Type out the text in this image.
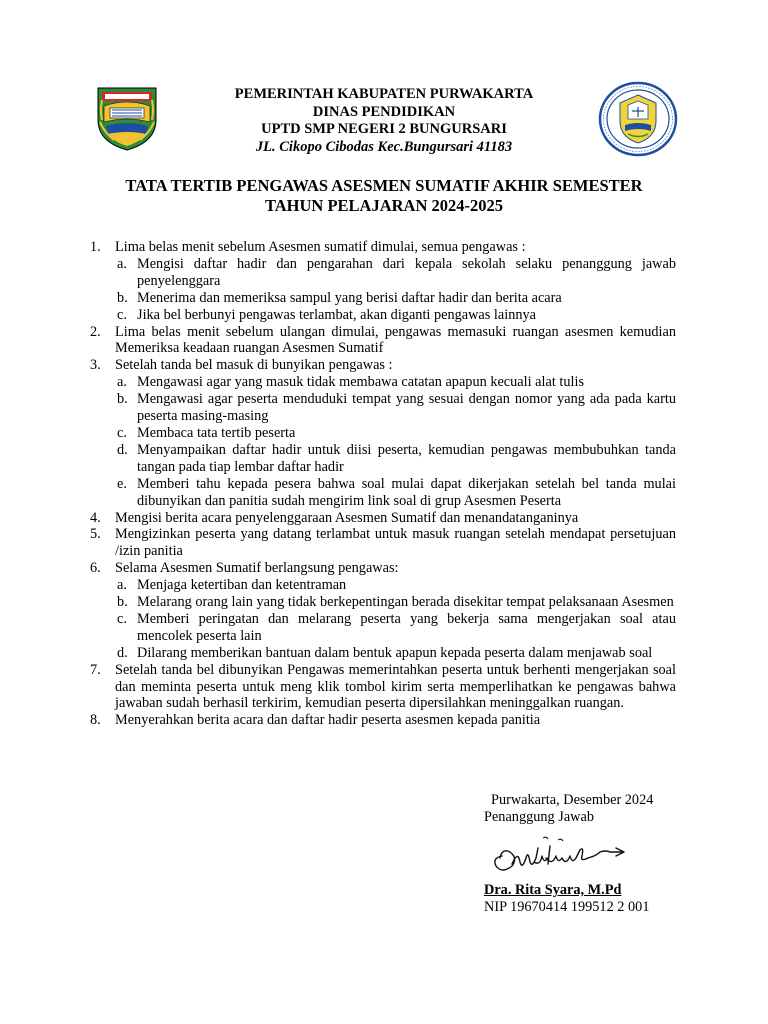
PEMERINTAH KABUPATEN PURWAKARTA
DINAS PENDIDIKAN
UPTD SMP NEGERI 2 BUNGURSARI
JL. Cikopo Cibodas Kec.Bungursari 41183
TATA TERTIB PENGAWAS ASESMEN SUMATIF AKHIR SEMESTER
TAHUN PELAJARAN 2024-2025
1. Lima belas menit sebelum Asesmen sumatif dimulai, semua pengawas :
a. Mengisi daftar hadir dan pengarahan dari kepala sekolah selaku penanggung jawab penyelenggara
b. Menerima dan memeriksa sampul yang berisi daftar hadir dan berita acara
c. Jika bel berbunyi pengawas terlambat, akan diganti pengawas lainnya
2. Lima belas menit sebelum ulangan dimulai, pengawas memasuki ruangan asesmen kemudian Memeriksa keadaan ruangan Asesmen Sumatif
3. Setelah tanda bel masuk di bunyikan pengawas :
a. Mengawasi agar yang masuk tidak membawa catatan apapun kecuali alat tulis
b. Mengawasi agar peserta menduduki tempat yang sesuai dengan nomor yang ada pada kartu peserta masing-masing
c. Membaca tata tertib peserta
d. Menyampaikan daftar hadir untuk diisi peserta, kemudian pengawas membubuhkan tanda tangan pada tiap lembar daftar hadir
e. Memberi tahu kepada pesera bahwa soal mulai dapat dikerjakan setelah bel tanda mulai dibunyikan dan panitia sudah mengirim link soal di grup Asesmen Peserta
4. Mengisi berita acara penyelenggaraan Asesmen Sumatif dan menandatanganinya
5. Mengizinkan peserta yang datang terlambat untuk masuk ruangan setelah mendapat persetujuan /izin panitia
6. Selama Asesmen Sumatif berlangsung pengawas:
a. Menjaga ketertiban dan ketentraman
b. Melarang orang lain yang tidak berkepentingan berada disekitar tempat pelaksanaan Asesmen
c. Memberi peringatan dan melarang peserta yang bekerja sama mengerjakan soal atau mencolek peserta lain
d. Dilarang memberikan bantuan dalam bentuk apapun kepada peserta dalam menjawab soal
7. Setelah tanda bel dibunyikan Pengawas memerintahkan peserta untuk berhenti mengerjakan soal dan meminta peserta untuk meng klik tombol kirim serta memperlihatkan ke pengawas bahwa jawaban sudah berhasil terkirim, kemudian peserta dipersilahkan meninggalkan ruangan.
8. Menyerahkan berita acara dan daftar hadir peserta asesmen kepada panitia
Purwakarta, Desember 2024
Penanggung Jawab
Dra. Rita Syara, M.Pd
NIP 19670414 199512 2 001
